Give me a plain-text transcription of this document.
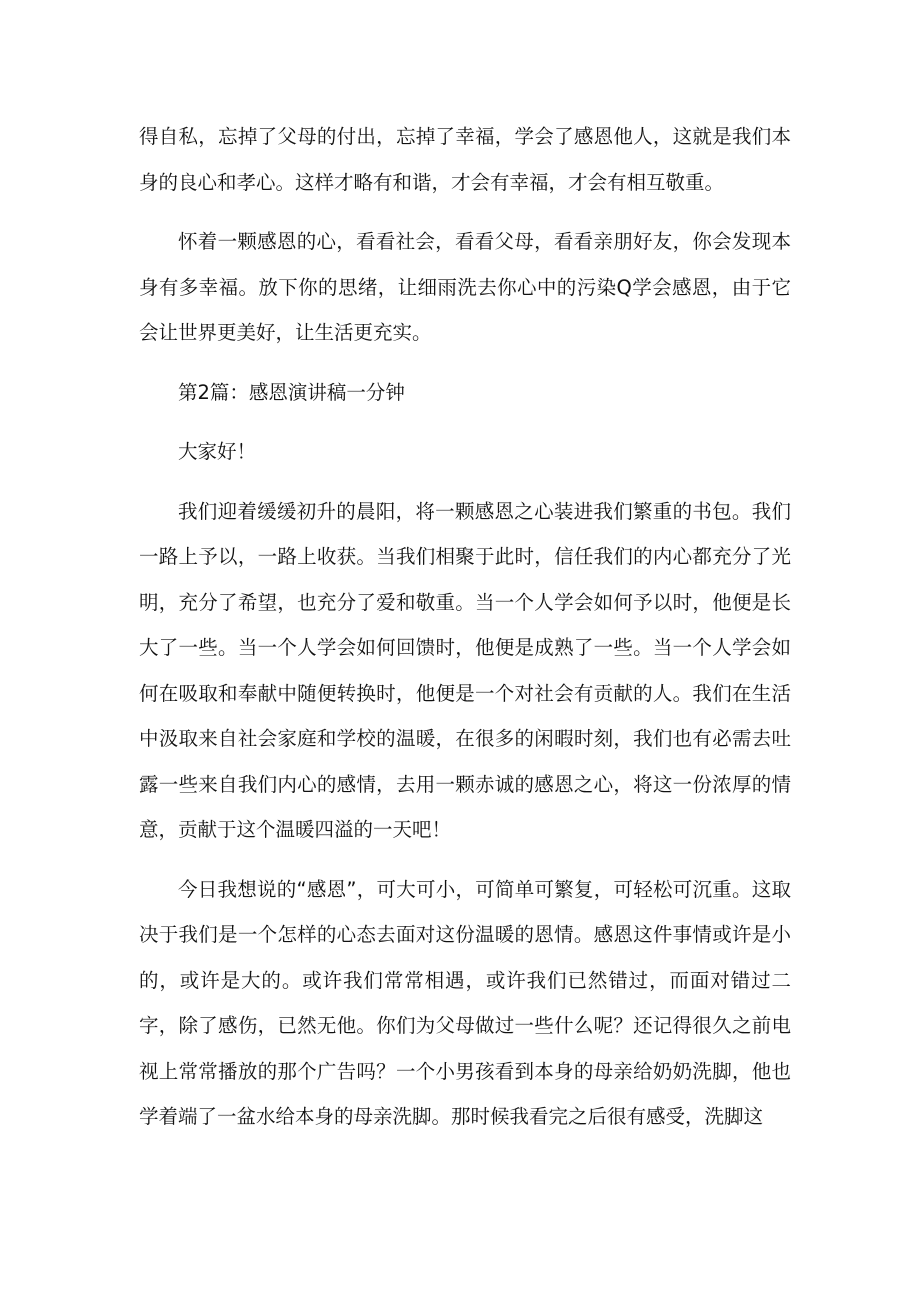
得自私，忘掉了父母的付出，忘掉了幸福，学会了感恩他人，这就是我们本身的良心和孝心。这样才略有和谐，才会有幸福，才会有相互敬重。

怀着一颗感恩的心，看看社会，看看父母，看看亲朋好友，你会发现本身有多幸福。放下你的思绪，让细雨洗去你心中的污染Q学会感恩，由于它会让世界更美好，让生活更充实。

第2篇：感恩演讲稿一分钟

大家好！

我们迎着缓缓初升的晨阳，将一颗感恩之心装进我们繁重的书包。我们一路上予以，一路上收获。当我们相聚于此时，信任我们的内心都充分了光明，充分了希望，也充分了爱和敬重。当一个人学会如何予以时，他便是长大了一些。当一个人学会如何回馈时，他便是成熟了一些。当一个人学会如何在吸取和奉献中随便转换时，他便是一个对社会有贡献的人。我们在生活中汲取来自社会家庭和学校的温暖，在很多的闲暇时刻，我们也有必需去吐露一些来自我们内心的感情，去用一颗赤诚的感恩之心，将这一份浓厚的情意，贡献于这个温暖四溢的一天吧！

今日我想说的“感恩”，可大可小，可简单可繁复，可轻松可沉重。这取决于我们是一个怎样的心态去面对这份温暖的恩情。感恩这件事情或许是小的，或许是大的。或许我们常常相遇，或许我们已然错过，而面对错过二字，除了感伤，已然无他。你们为父母做过一些什么呢？还记得很久之前电视上常常播放的那个广告吗？一个小男孩看到本身的母亲给奶奶洗脚，他也学着端了一盆水给本身的母亲洗脚。那时候我看完之后很有感受，洗脚这
